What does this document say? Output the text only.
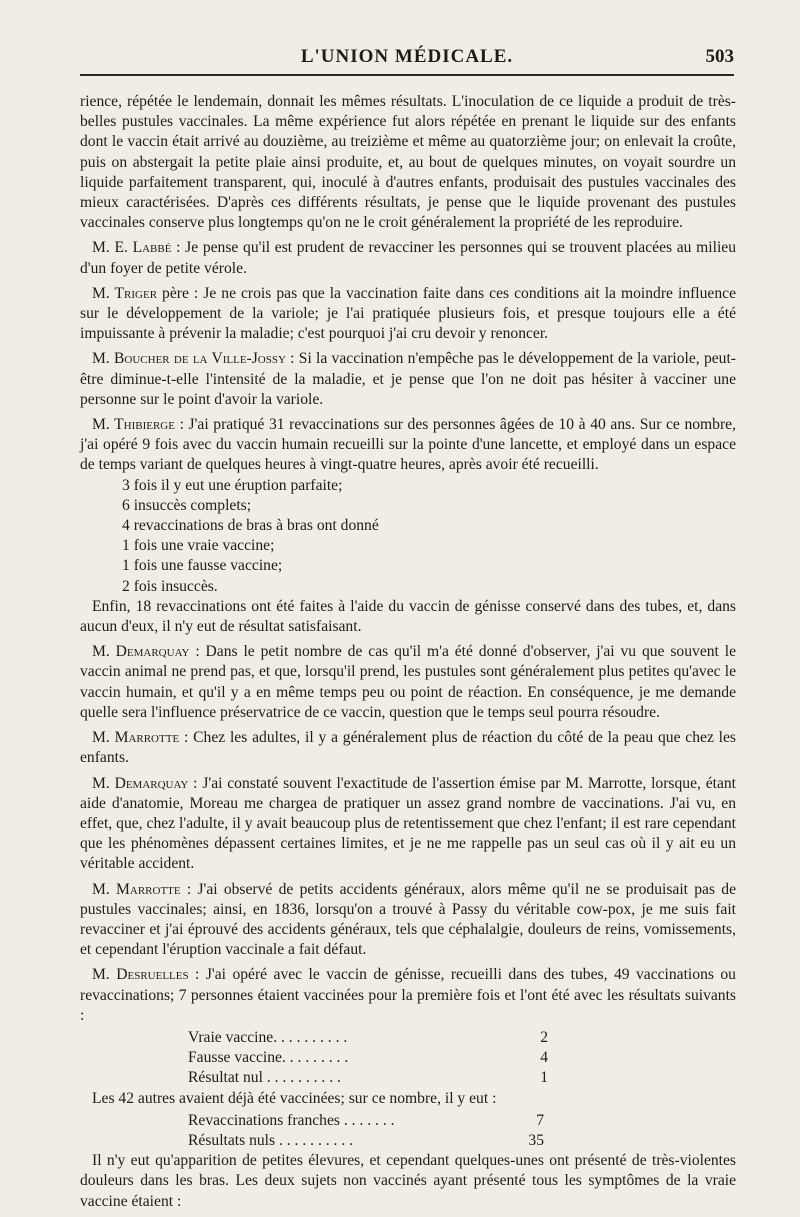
L'UNION MÉDICALE.	503

rience, répétée le lendemain, donnait les mêmes résultats. L'inoculation de ce liquide a produit de très-belles pustules vaccinales. La même expérience fut alors répétée en prenant le liquide sur des enfants dont le vaccin était arrivé au douzième, au treizième et même au quatorzième jour; on enlevait la croûte, puis on abstergait la petite plaie ainsi produite, et, au bout de quelques minutes, on voyait sourdre un liquide parfaitement transparent, qui, inoculé à d'autres enfants, produisait des pustules vaccinales des mieux caractérisées. D'après ces différents résultats, je pense que le liquide provenant des pustules vaccinales conserve plus longtemps qu'on ne le croit généralement la propriété de les reproduire.

M. E. Labbé : Je pense qu'il est prudent de revacciner les personnes qui se trouvent placées au milieu d'un foyer de petite vérole.

M. Triger père : Je ne crois pas que la vaccination faite dans ces conditions ait la moindre influence sur le développement de la variole; je l'ai pratiquée plusieurs fois, et presque toujours elle a été impuissante à prévenir la maladie; c'est pourquoi j'ai cru devoir y renoncer.

M. Boucher de la Ville-Jossy : Si la vaccination n'empêche pas le développement de la variole, peut-être diminue-t-elle l'intensité de la maladie, et je pense que l'on ne doit pas hésiter à vacciner une personne sur le point d'avoir la variole.

M. Thibierge : J'ai pratiqué 31 revaccinations sur des personnes âgées de 10 à 40 ans. Sur ce nombre, j'ai opéré 9 fois avec du vaccin humain recueilli sur la pointe d'une lancette, et employé dans un espace de temps variant de quelques heures à vingt-quatre heures, après avoir été recueilli.

3 fois il y eut une éruption parfaite;
6 insuccès complets;
4 revaccinations de bras à bras ont donné
1 fois une vraie vaccine;
1 fois une fausse vaccine;
2 fois insuccès.

Enfin, 18 revaccinations ont été faites à l'aide du vaccin de génisse conservé dans des tubes, et, dans aucun d'eux, il n'y eut de résultat satisfaisant.

M. Demarquay : Dans le petit nombre de cas qu'il m'a été donné d'observer, j'ai vu que souvent le vaccin animal ne prend pas, et que, lorsqu'il prend, les pustules sont généralement plus petites qu'avec le vaccin humain, et qu'il y a en même temps peu ou point de réaction. En conséquence, je me demande quelle sera l'influence préservatrice de ce vaccin, question que le temps seul pourra résoudre.

M. Marrotte : Chez les adultes, il y a généralement plus de réaction du côté de la peau que chez les enfants.

M. Demarquay : J'ai constaté souvent l'exactitude de l'assertion émise par M. Marrotte, lorsque, étant aide d'anatomie, Moreau me chargea de pratiquer un assez grand nombre de vaccinations. J'ai vu, en effet, que, chez l'adulte, il y avait beaucoup plus de retentissement que chez l'enfant; il est rare cependant que les phénomènes dépassent certaines limites, et je ne me rappelle pas un seul cas où il y ait eu un véritable accident.

M. Marrotte : J'ai observé de petits accidents généraux, alors même qu'il ne se produisait pas de pustules vaccinales; ainsi, en 1836, lorsqu'on a trouvé à Passy du véritable cow-pox, je me suis fait revacciner et j'ai éprouvé des accidents généraux, tels que céphalalgie, douleurs de reins, vomissements, et cependant l'éruption vaccinale a fait défaut.

M. Desruelles : J'ai opéré avec le vaccin de génisse, recueilli dans des tubes, 49 vaccinations ou revaccinations; 7 personnes étaient vaccinées pour la première fois et l'ont été avec les résultats suivants :

Vraie vaccine. . . . . . . . . .	2
Fausse vaccine. . . . . . . . .	4
Résultat nul . . . . . . . . . .	1

Les 42 autres avaient déjà été vaccinées; sur ce nombre, il y eut :

Revaccinations franches . . . . . . .	7
Résultats nuls . . . . . . . . . .	35

Il n'y eut qu'apparition de petites élevures, et cependant quelques-unes ont présenté de très-violentes douleurs dans les bras. Les deux sujets non vaccinés ayant présenté tous les symptômes de la vraie vaccine étaient :
